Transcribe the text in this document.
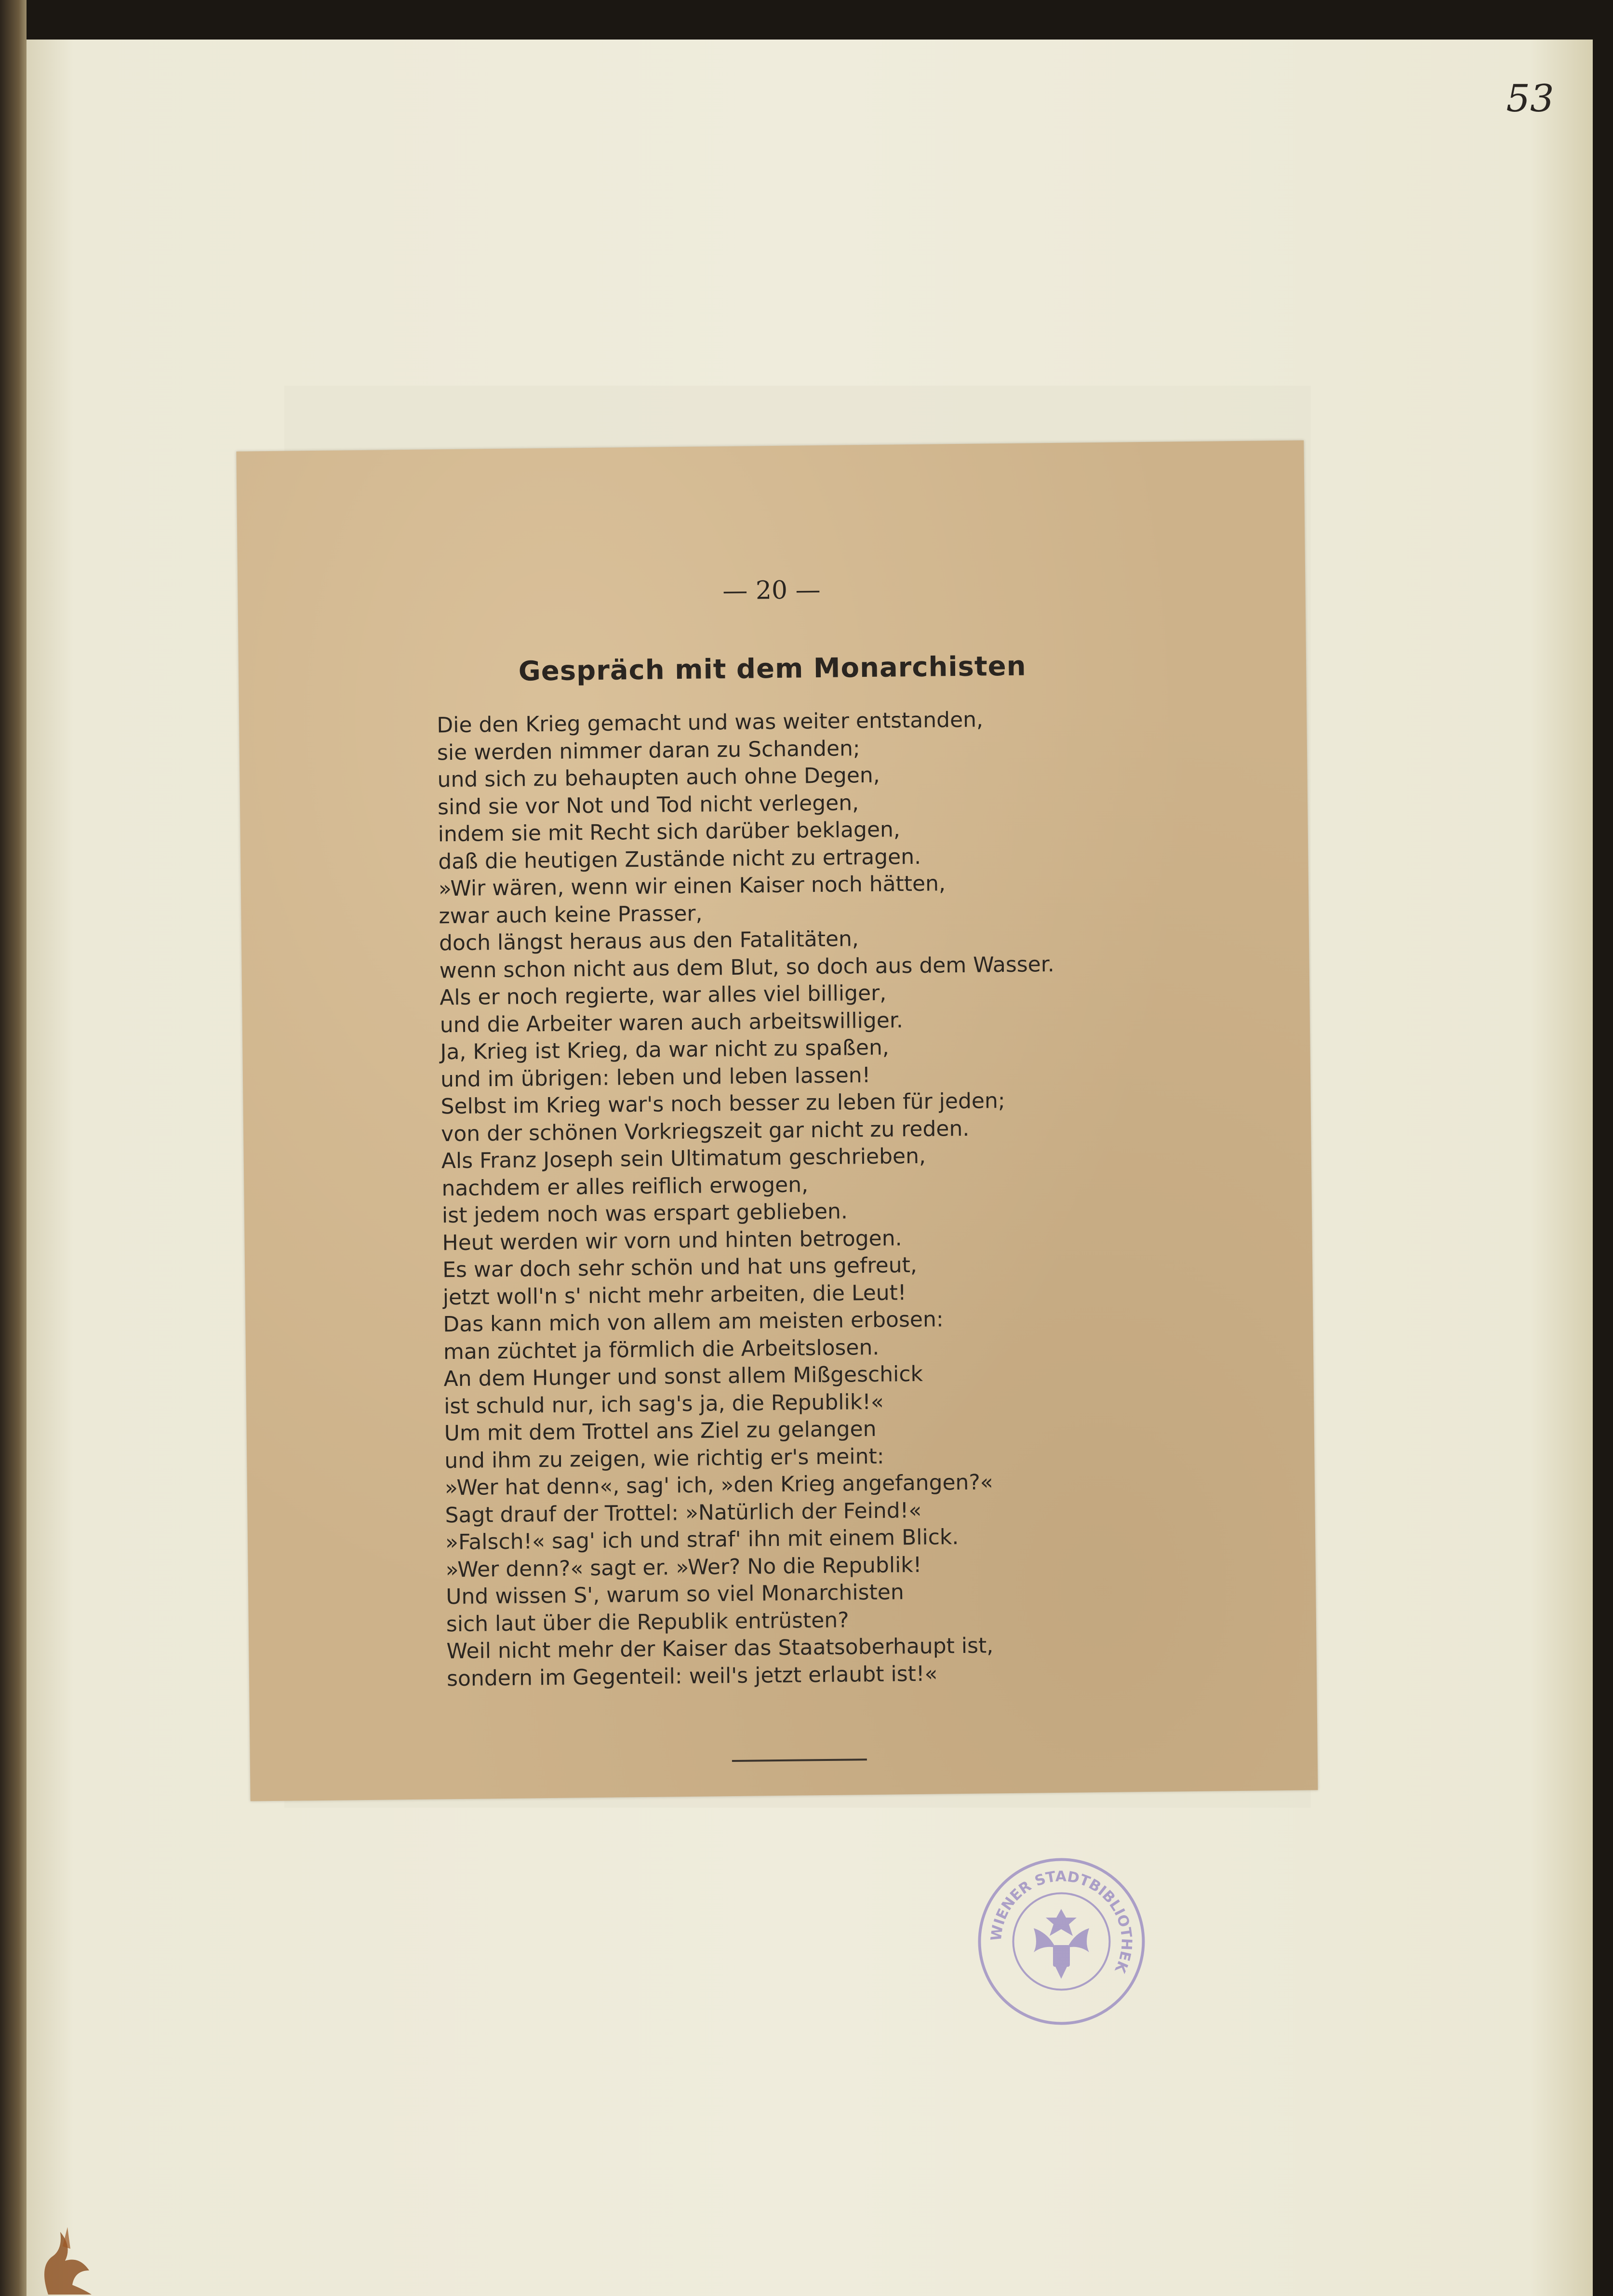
53
— 20 —
Gespräch mit dem Monarchisten
Die den Krieg gemacht und was weiter entstanden,
sie werden nimmer daran zu Schanden;
und sich zu behaupten auch ohne Degen,
sind sie vor Not und Tod nicht verlegen,
indem sie mit Recht sich darüber beklagen,
daß die heutigen Zustände nicht zu ertragen.
»Wir wären, wenn wir einen Kaiser noch hätten,
zwar auch keine Prasser,
doch längst heraus aus den Fatalitäten,
wenn schon nicht aus dem Blut, so doch aus dem Wasser.
Als er noch regierte, war alles viel billiger,
und die Arbeiter waren auch arbeitswilliger.
Ja, Krieg ist Krieg, da war nicht zu spaßen,
und im übrigen: leben und leben lassen!
Selbst im Krieg war's noch besser zu leben für jeden;
von der schönen Vorkriegszeit gar nicht zu reden.
Als Franz Joseph sein Ultimatum geschrieben,
nachdem er alles reiflich erwogen,
ist jedem noch was erspart geblieben.
Heut werden wir vorn und hinten betrogen.
Es war doch sehr schön und hat uns gefreut,
jetzt woll'n s' nicht mehr arbeiten, die Leut!
Das kann mich von allem am meisten erbosen:
man züchtet ja förmlich die Arbeitslosen.
An dem Hunger und sonst allem Mißgeschick
ist schuld nur, ich sag's ja, die Republik!«
Um mit dem Trottel ans Ziel zu gelangen
und ihm zu zeigen, wie richtig er's meint:
»Wer hat denn«, sag' ich, »den Krieg angefangen?«
Sagt drauf der Trottel: »Natürlich der Feind!«
»Falsch!« sag' ich und straf' ihn mit einem Blick.
»Wer denn?« sagt er. »Wer? No die Republik!
Und wissen S', warum so viel Monarchisten
sich laut über die Republik entrüsten?
Weil nicht mehr der Kaiser das Staatsoberhaupt ist,
sondern im Gegenteil: weil's jetzt erlaubt ist!«
WIENER STADTBIBLIOTHEK
